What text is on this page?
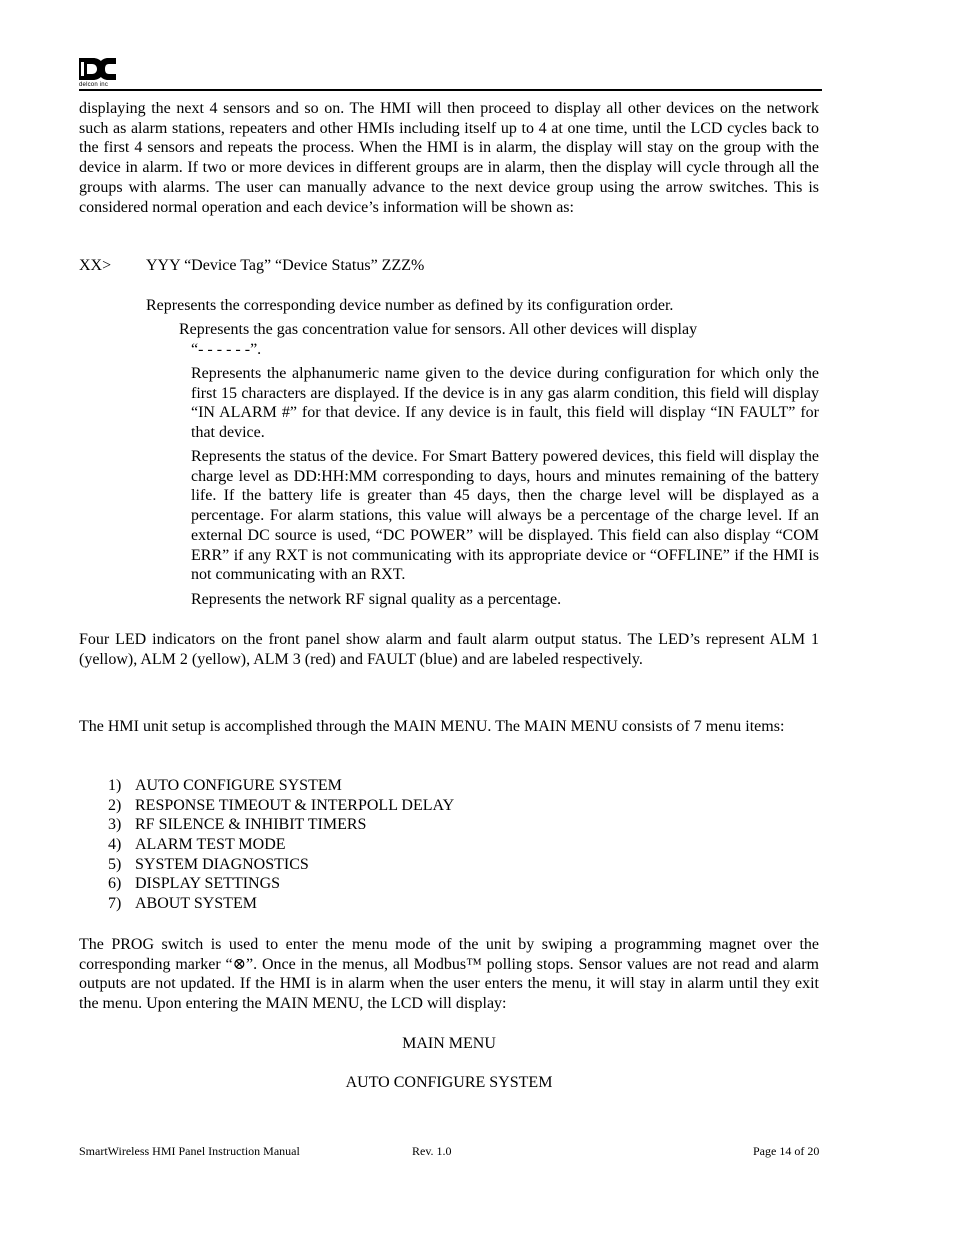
delcon inc
displaying the next 4 sensors and so on. The HMI will then proceed to display all other devices on the network such as alarm stations, repeaters and other HMIs including itself up to 4 at one time, until the LCD cycles back to the first 4 sensors and repeats the process. When the HMI is in alarm, the display will stay on the group with the device in alarm. If two or more devices in different groups are in alarm, then the display will cycle through all the groups with alarms. The user can manually advance to the next device group using the arrow switches. This is considered normal operation and each device’s information will be shown as:
XX> YYY “Device Tag” “Device Status” ZZZ%
Represents the corresponding device number as defined by its configuration order.
Represents the gas concentration value for sensors. All other devices will display
“- - - - - -”.
Represents the alphanumeric name given to the device during configuration for which only the first 15 characters are displayed. If the device is in any gas alarm condition, this field will display “IN ALARM #” for that device. If any device is in fault, this field will display “IN FAULT” for that device.
Represents the status of the device. For Smart Battery powered devices, this field will display the charge level as DD:HH:MM corresponding to days, hours and minutes remaining of the battery life. If the battery life is greater than 45 days, then the charge level will be displayed as a percentage. For alarm stations, this value will always be a percentage of the charge level. If an external DC source is used, “DC POWER” will be displayed. This field can also display “COM ERR” if any RXT is not communicating with its appropriate device or “OFFLINE” if the HMI is not communicating with an RXT.
Represents the network RF signal quality as a percentage.
Four LED indicators on the front panel show alarm and fault alarm output status. The LED’s represent ALM 1 (yellow), ALM 2 (yellow), ALM 3 (red) and FAULT (blue) and are labeled respectively.
The HMI unit setup is accomplished through the MAIN MENU. The MAIN MENU consists of 7 menu items:
1) AUTO CONFIGURE SYSTEM
2) RESPONSE TIMEOUT & INTERPOLL DELAY
3) RF SILENCE & INHIBIT TIMERS
4) ALARM TEST MODE
5) SYSTEM DIAGNOSTICS
6) DISPLAY SETTINGS
7) ABOUT SYSTEM
The PROG switch is used to enter the menu mode of the unit by swiping a programming magnet over the corresponding marker “⊗”. Once in the menus, all Modbus™ polling stops. Sensor values are not read and alarm outputs are not updated. If the HMI is in alarm when the user enters the menu, it will stay in alarm until they exit the menu. Upon entering the MAIN MENU, the LCD will display:
MAIN MENU
AUTO CONFIGURE SYSTEM
SmartWireless HMI Panel Instruction Manual	Rev. 1.0	Page 14 of 20
